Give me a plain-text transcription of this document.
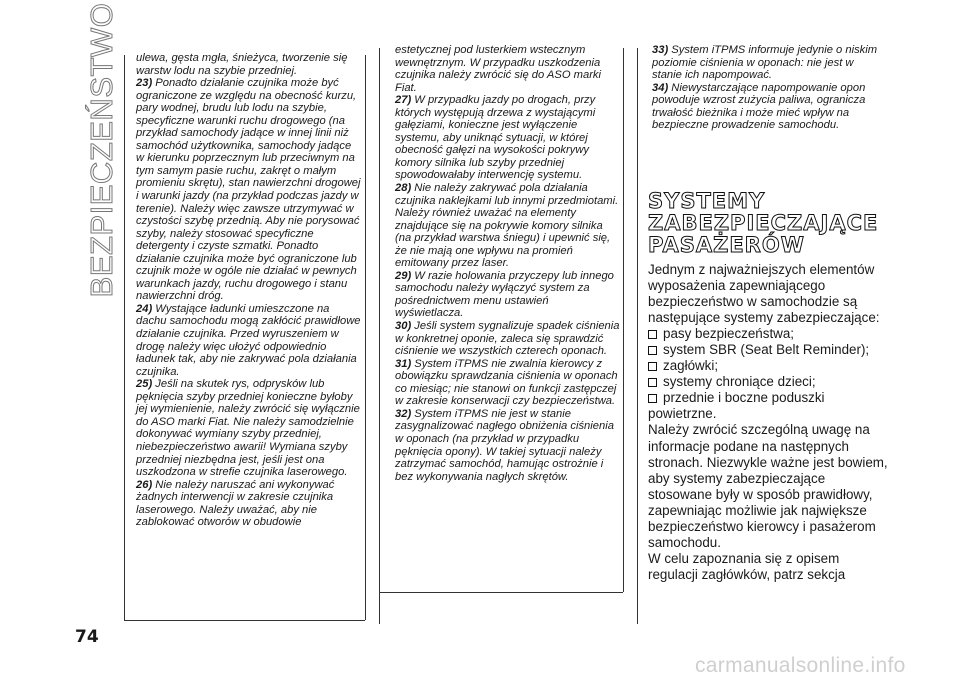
BEZPIECZEŃSTWO ulewa, gęsta mgła, śnieżyca, tworzenie się warstw lodu na szybie przedniej.

23) Ponadto działanie czujnika może być ograniczone ze względu na obecność kurzu, pary wodnej, brudu lub lodu na szybie, specyficzne warunki ruchu drogowego (na przykład samochody jadące w innej linii niż samochód użytkownika, samochody jadące w kierunku poprzecznym lub przeciwnym na tym samym pasie ruchu, zakręt o małym promieniu skrętu), stan nawierzchni drogowej i warunki jazdy (na przykład podczas jazdy w terenie). Należy więc zawsze utrzymywać w czystości szybę przednią. Aby nie porysować szyby, należy stosować specyficzne detergenty i czyste szmatki. Ponadto działanie czujnika może być ograniczone lub czujnik może w ogóle nie działać w pewnych warunkach jazdy, ruchu drogowego i stanu nawierzchni dróg.

24) Wystające ładunki umieszczone na dachu samochodu mogą zakłócić prawidłowe działanie czujnika. Przed wyruszeniem w drogę należy więc ułożyć odpowiednio ładunek tak, aby nie zakrywać pola działania czujnika.

25) Jeśli na skutek rys, odprysków lub pęknięcia szyby przedniej konieczne byłoby jej wymienienie, należy zwrócić się wyłącznie do ASO marki Fiat. Nie należy samodzielnie dokonywać wymiany szyby przedniej, niebezpieczeństwo awarii! Wymiana szyby przedniej niezbędna jest, jeśli jest ona uszkodzona w strefie czujnika laserowego.

26) Nie należy naruszać ani wykonywać żadnych interwencji w zakresie czujnika laserowego. Należy uważać, aby nie zablokować otworów w obudowie

estetycznej pod lusterkiem wstecznym wewnętrznym. W przypadku uszkodzenia czujnika należy zwrócić się do ASO marki Fiat.

27) W przypadku jazdy po drogach, przy których występują drzewa z wystającymi gałęziami, konieczne jest wyłączenie systemu, aby uniknąć sytuacji, w której obecność gałęzi na wysokości pokrywy komory silnika lub szyby przedniej spowodowałaby interwencję systemu.

28) Nie należy zakrywać pola działania czujnika naklejkami lub innymi przedmiotami. Należy również uważać na elementy znajdujące się na pokrywie komory silnika (na przykład warstwa śniegu) i upewnić się, że nie mają one wpływu na promień emitowany przez laser.

29) W razie holowania przyczepy lub innego samochodu należy wyłączyć system za pośrednictwem menu ustawień wyświetlacza.

30) Jeśli system sygnalizuje spadek ciśnienia w konkretnej oponie, zaleca się sprawdzić ciśnienie we wszystkich czterech oponach.

31) System iTPMS nie zwalnia kierowcy z obowiązku sprawdzania ciśnienia w oponach co miesiąc; nie stanowi on funkcji zastępczej w zakresie konserwacji czy bezpieczeństwa.

32) System iTPMS nie jest w stanie zasygnalizować nagłego obniżenia ciśnienia w oponach (na przykład w przypadku pęknięcia opony). W takiej sytuacji należy zatrzymać samochód, hamując ostrożnie i bez wykonywania nagłych skrętów.

33) System iTPMS informuje jedynie o niskim poziomie ciśnienia w oponach: nie jest w stanie ich napompować.

34) Niewystarczające napompowanie opon powoduje wzrost zużycia paliwa, ogranicza trwałość bieżnika i może mieć wpływ na bezpieczne prowadzenie samochodu.

SYSTEMY
ZABEZPIECZAJĄCE
PASAŻERÓW

Jednym z najważniejszych elementów wyposażenia zapewniającego bezpieczeństwo w samochodzie są następujące systemy zabezpieczające:

pasy bezpieczeństwa;
system SBR (Seat Belt Reminder);
zagłówki;
systemy chroniące dzieci;
przednie i boczne poduszki

powietrzne.

Należy zwrócić szczególną uwagę na informacje podane na następnych stronach. Niezwykle ważne jest bowiem, aby systemy zabezpieczające stosowane były w sposób prawidłowy, zapewniając możliwie jak największe bezpieczeństwo kierowcy i pasażerom samochodu.

W celu zapoznania się z opisem regulacji zagłówków, patrz sekcja

74
carmanualsonline.info
